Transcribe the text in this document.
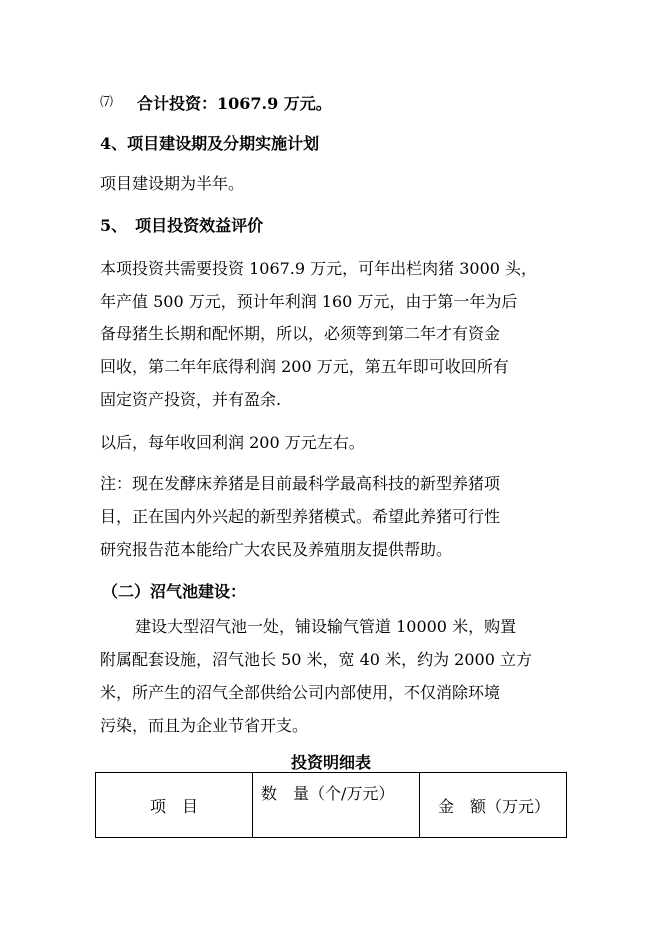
⑺ 合计投资：1067.9 万元。
4、项目建设期及分期实施计划
项目建设期为半年。
5、　项目投资效益评价
本项投资共需要投资 1067.9 万元，可年出栏肉猪 3000 头，
年产值 500 万元，预计年利润 160 万元，由于第一年为后
备母猪生长期和配怀期，所以，必须等到第二年才有资金
回收，第二年年底得利润 200 万元，第五年即可收回所有
固定资产投资，并有盈余.
以后，每年收回利润 200 万元左右。
注：现在发酵床养猪是目前最科学最高科技的新型养猪项
目，正在国内外兴起的新型养猪模式。希望此养猪可行性
研究报告范本能给广大农民及养殖朋友提供帮助。
（二）沼气池建设：
建设大型沼气池一处，铺设输气管道 10000 米，购置
附属配套设施，沼气池长 50 米，宽 40 米，约为 2000 立方
米，所产生的沼气全部供给公司内部使用，不仅消除环境
污染，而且为企业节省开支。
投资明细表
项　目	数　量（个/万元）	金　额（万元）
